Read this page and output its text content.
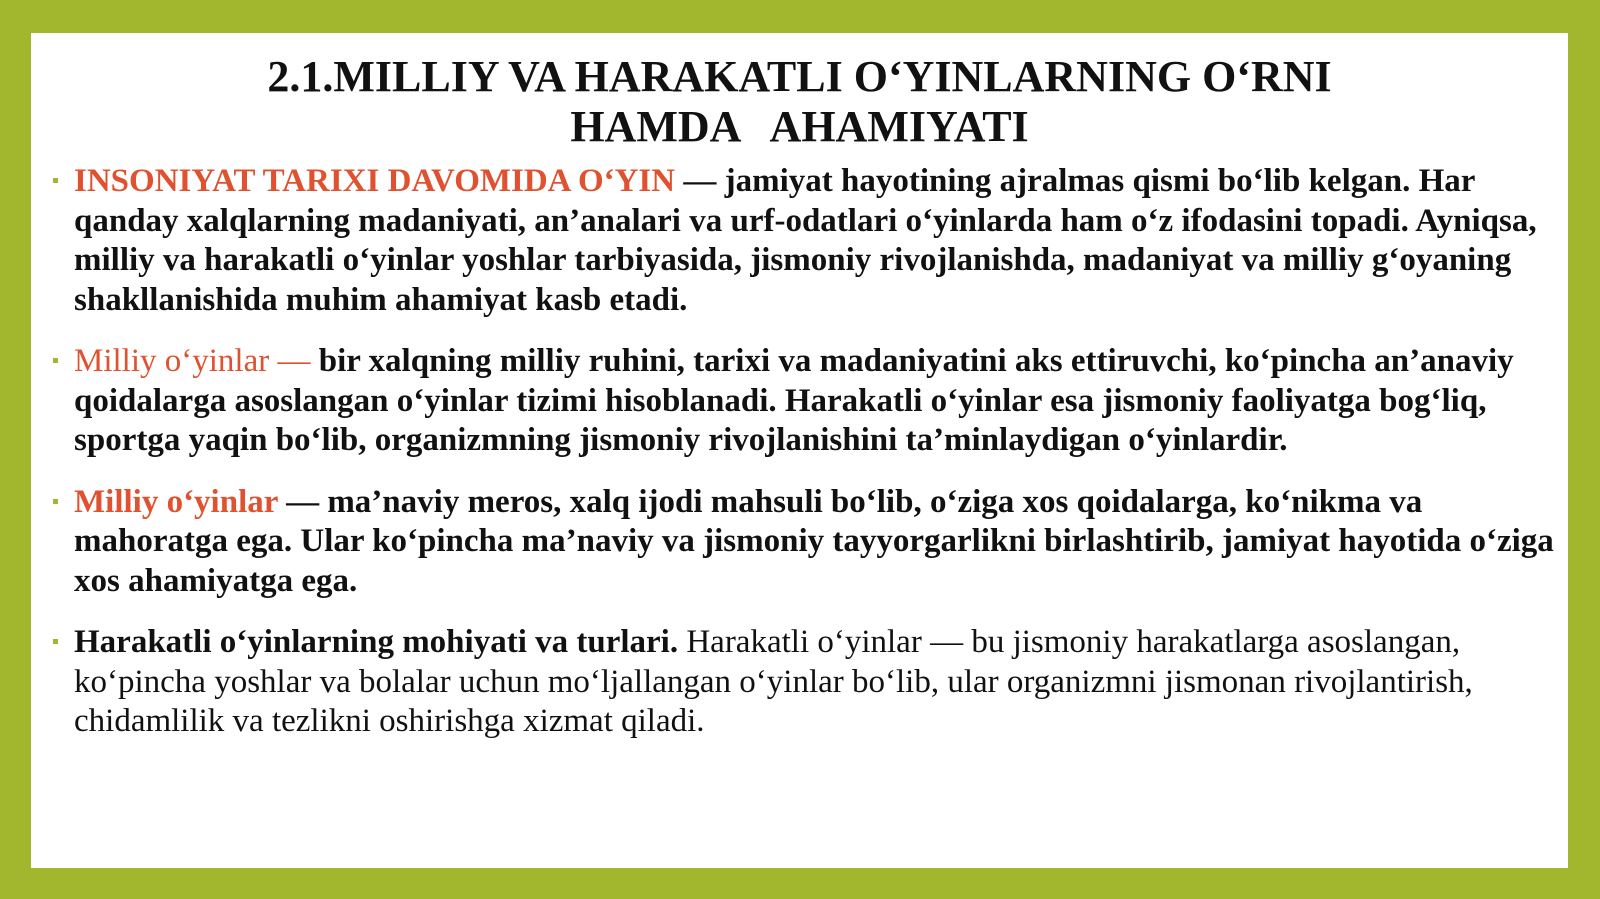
2.1.MILLIY VA HARAKATLI O‘YINLARNING O‘RNI
HAMDA   AHAMIYATI
INSONIYAT TARIXI DAVOMIDA O‘YIN — jamiyat hayotining ajralmas qismi bo‘lib kelgan. Har qanday xalqlarning madaniyati, an’analari va urf-odatlari o‘yinlarda ham o‘z ifodasini topadi. Ayniqsa, milliy va harakatli o‘yinlar yoshlar tarbiyasida, jismoniy rivojlanishda, madaniyat va milliy g‘oyaning shakllanishida muhim ahamiyat kasb etadi.
Milliy o‘yinlar — bir xalqning milliy ruhini, tarixi va madaniyatini aks ettiruvchi, ko‘pincha an’anaviy qoidalarga asoslangan o‘yinlar tizimi hisoblanadi. Harakatli o‘yinlar esa jismoniy faoliyatga bog‘liq, sportga yaqin bo‘lib, organizmning jismoniy rivojlanishini ta’minlaydigan o‘yinlardir.
Milliy o‘yinlar — ma’naviy meros, xalq ijodi mahsuli bo‘lib, o‘ziga xos qoidalarga, ko‘nikma va mahoratga ega. Ular ko‘pincha ma’naviy va jismoniy tayyorgarlikni birlashtirib, jamiyat hayotida o‘ziga xos ahamiyatga ega.
Harakatli o‘yinlarning mohiyati va turlari. Harakatli o‘yinlar — bu jismoniy harakatlarga asoslangan, ko‘pincha yoshlar va bolalar uchun mo‘ljallangan o‘yinlar bo‘lib, ular organizmni jismonan rivojlantirish, chidamlilik va tezlikni oshirishga xizmat qiladi.
